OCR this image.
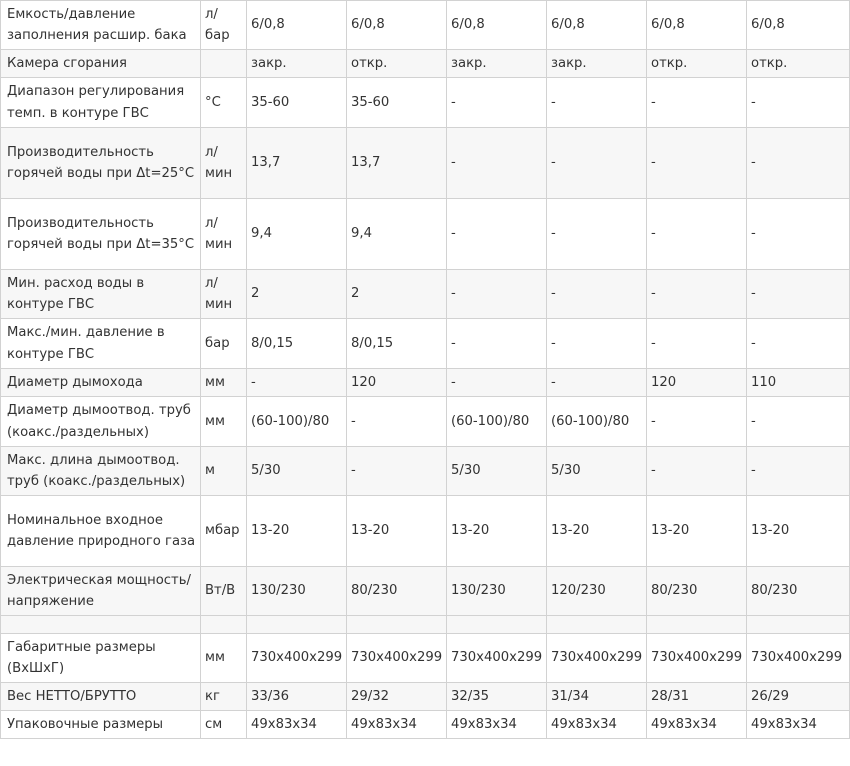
Емкость/давление заполнения расшир. бака	л/ бар	6/0,8	6/0,8	6/0,8	6/0,8	6/0,8	6/0,8
Камера сгорания		закр.	откр.	закр.	закр.	откр.	откр.
Диапазон регулирования темп. в контуре ГВС	°C	35-60	35-60	-	-	-	-
Производительность горячей воды при Δt=25°C	л/ мин	13,7	13,7	-	-	-	-
Производительность горячей воды при Δt=35°C	л/ мин	9,4	9,4	-	-	-	-
Мин. расход воды в контуре ГВС	л/ мин	2	2	-	-	-	-
Макс./мин. давление в контуре ГВС	бар	8/0,15	8/0,15	-	-	-	-
Диаметр дымохода	мм	-	120	-	-	120	110
Диаметр дымоотвод. труб (коакс./раздельных)	мм	(60-100)/80	-	(60-100)/80	(60-100)/80	-	-
Макс. длина дымоотвод. труб (коакс./раздельных)	м	5/30	-	5/30	5/30	-	-
Номинальное входное давление природного газа	мбар	13-20	13-20	13-20	13-20	13-20	13-20
Электрическая мощность/напряжение	Вт/В	130/230	80/230	130/230	120/230	80/230	80/230

Габаритные размеры (ВхШхГ)	мм	730x400x299	730x400x299	730x400x299	730x400x299	730x400x299	730x400x299
Вес НЕТТО/БРУТТО	кг	33/36	29/32	32/35	31/34	28/31	26/29
Упаковочные размеры	см	49x83x34	49x83x34	49x83x34	49x83x34	49x83x34	49x83x34
